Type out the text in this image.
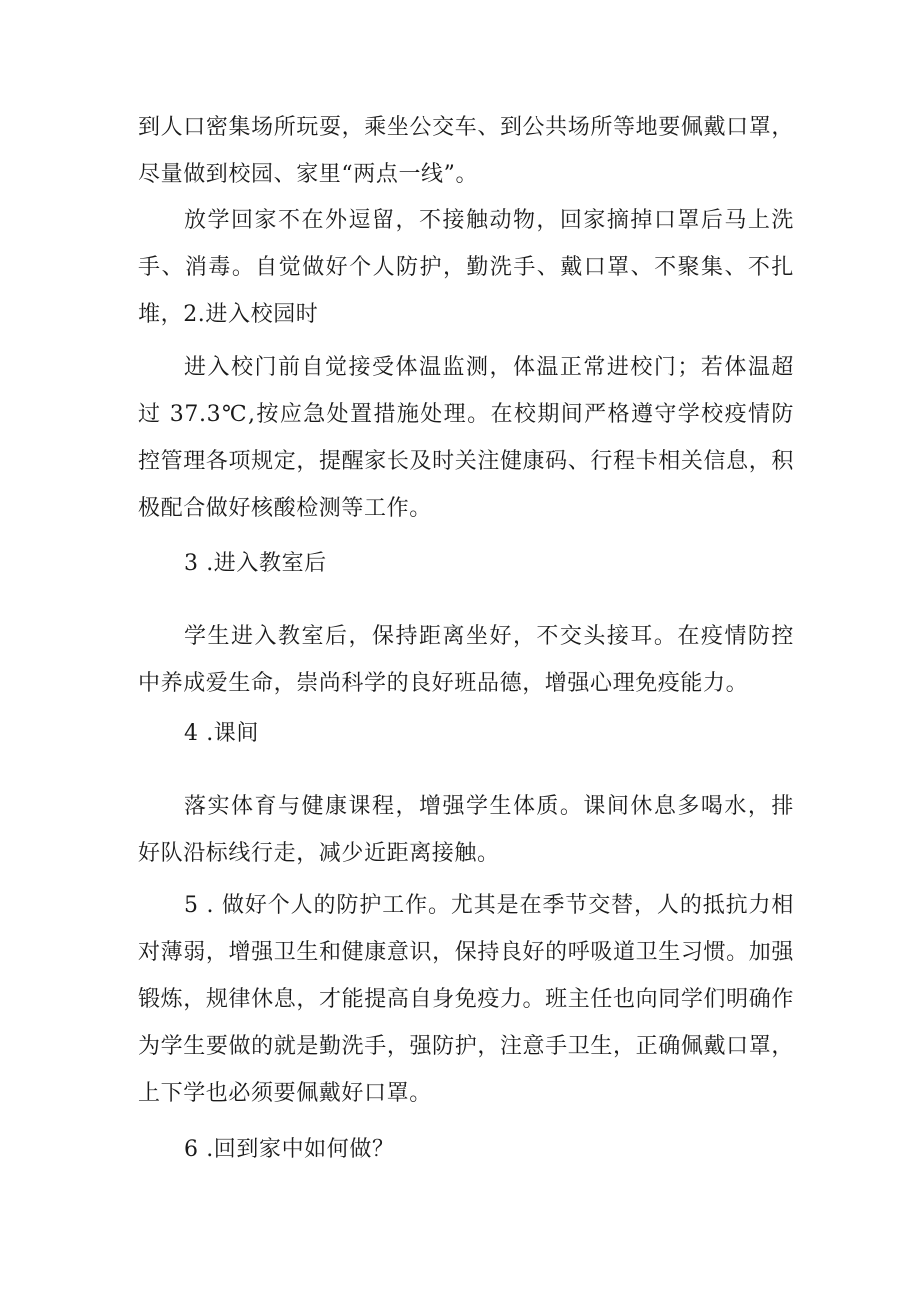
到人口密集场所玩耍，乘坐公交车、到公共场所等地要佩戴口罩，尽量做到校园、家里“两点一线”。

放学回家不在外逗留，不接触动物，回家摘掉口罩后马上洗手、消毒。自觉做好个人防护，勤洗手、戴口罩、不聚集、不扎堆，2.进入校园时

进入校门前自觉接受体温监测，体温正常进校门；若体温超过 37.3℃,按应急处置措施处理。在校期间严格遵守学校疫情防控管理各项规定，提醒家长及时关注健康码、行程卡相关信息，积极配合做好核酸检测等工作。

3 .进入教室后

学生进入教室后，保持距离坐好，不交头接耳。在疫情防控中养成爱生命，崇尚科学的良好班品德，增强心理免疫能力。

4 .课间

落实体育与健康课程，增强学生体质。课间休息多喝水，排好队沿标线行走，减少近距离接触。

5 . 做好个人的防护工作。尤其是在季节交替，人的抵抗力相对薄弱，增强卫生和健康意识，保持良好的呼吸道卫生习惯。加强锻炼，规律休息，才能提高自身免疫力。班主任也向同学们明确作为学生要做的就是勤洗手，强防护，注意手卫生，正确佩戴口罩，上下学也必须要佩戴好口罩。

6 .回到家中如何做？
